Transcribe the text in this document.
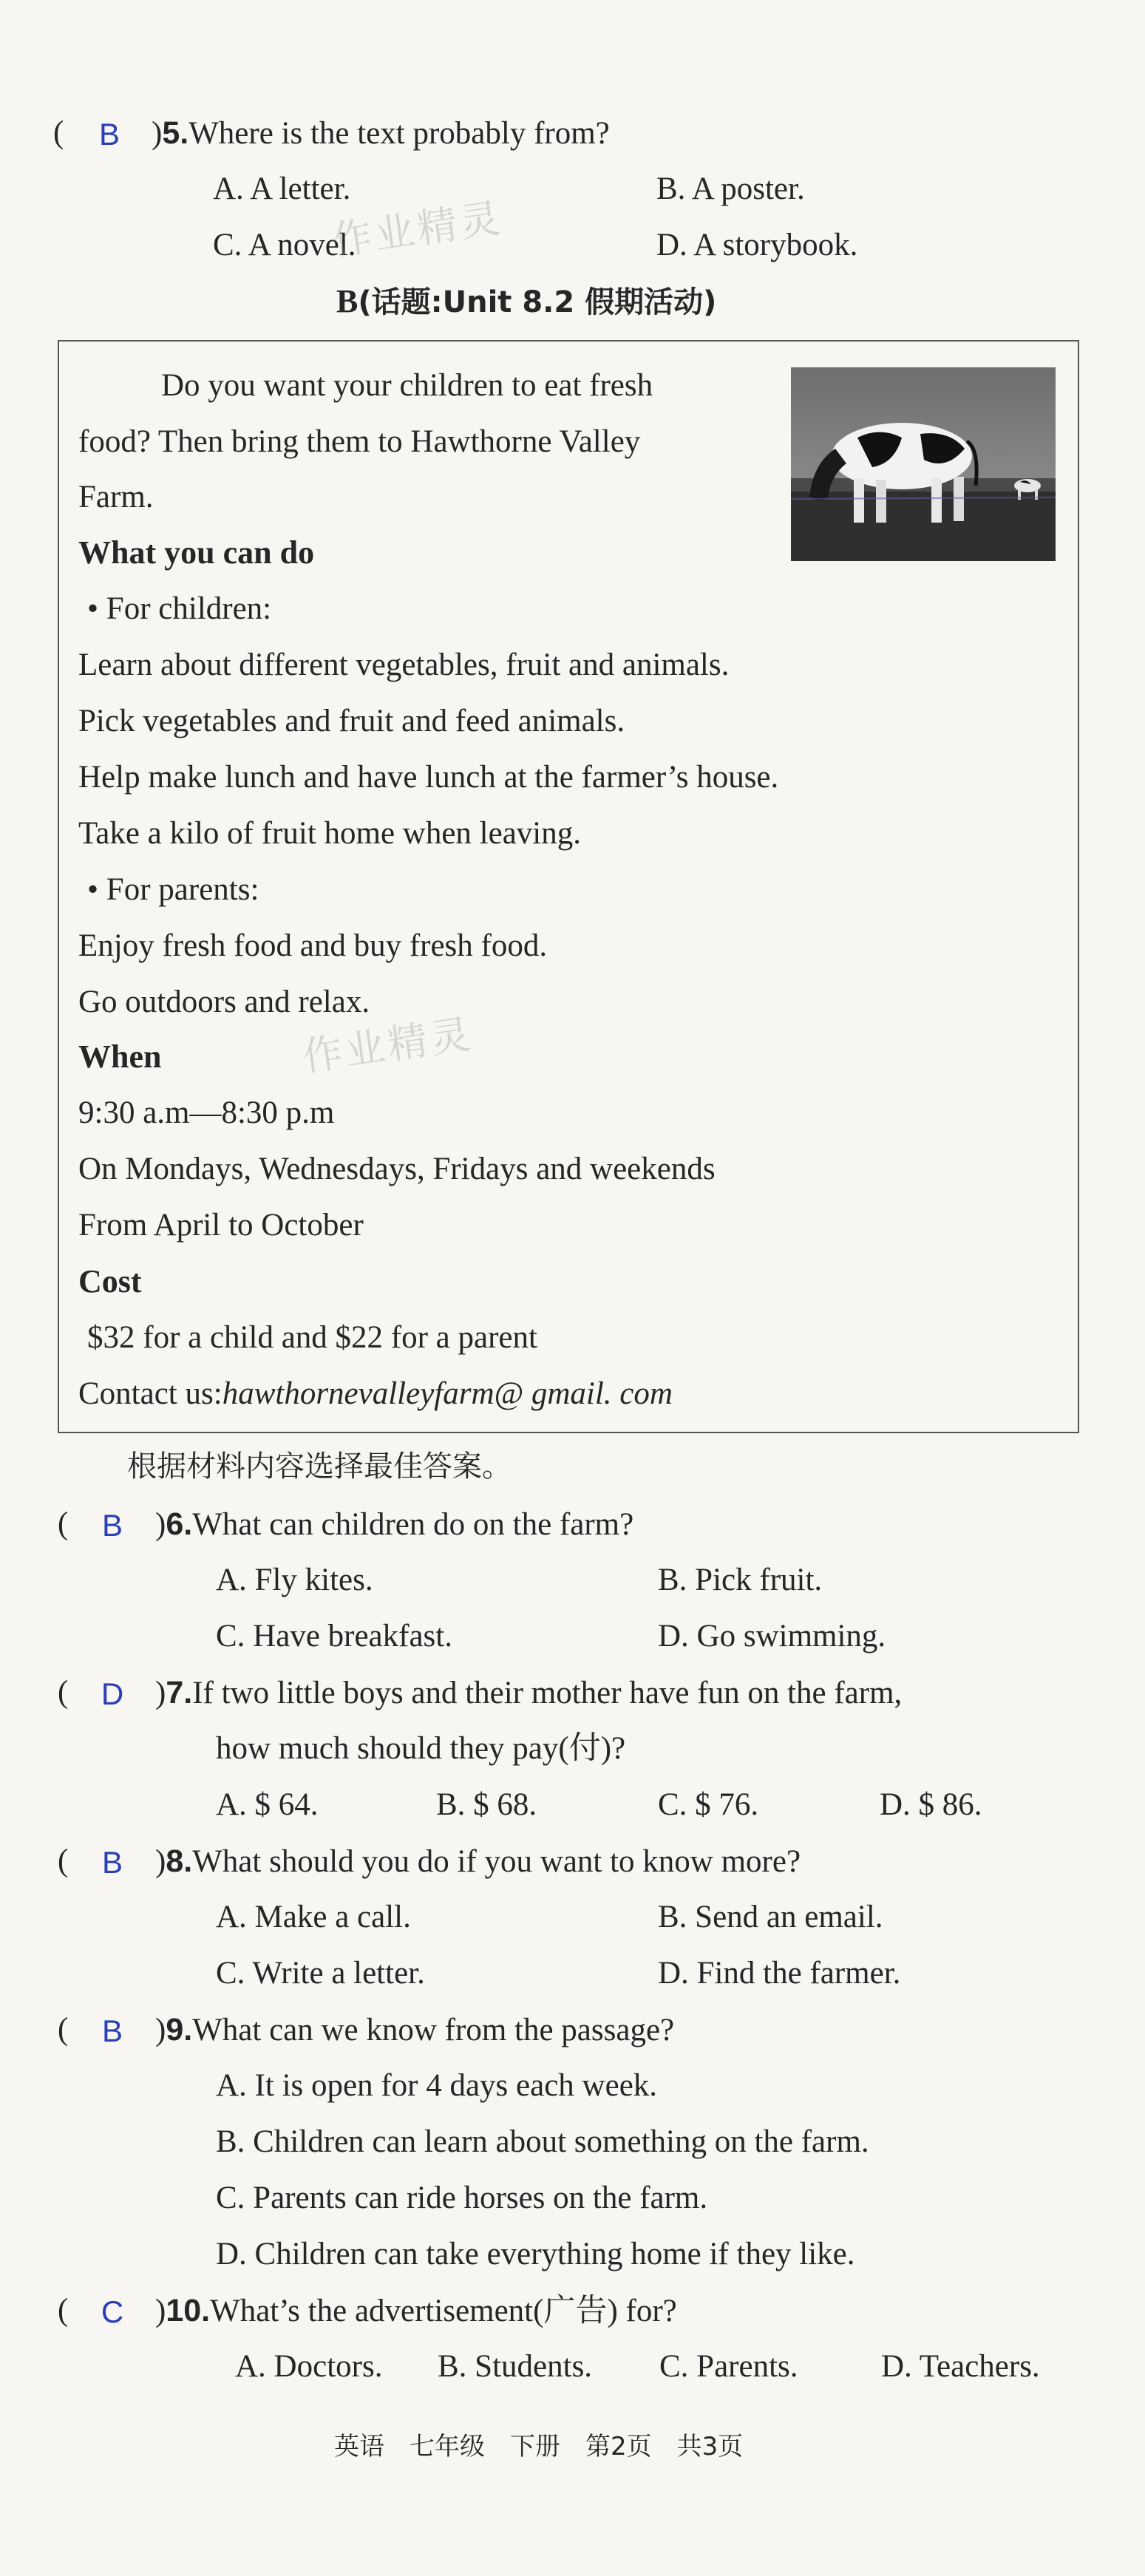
(	B	)5.Where is the text probably from?
A. A letter.	B. A poster.
C. A novel.	D. A storybook.
B(话题:Unit 8.2 假期活动)
Do you want your children to eat fresh
food? Then bring them to Hawthorne Valley
Farm.
What you can do
• For children:
Learn about different vegetables, fruit and animals.
Pick vegetables and fruit and feed animals.
Help make lunch and have lunch at the farmer’s house.
Take a kilo of fruit home when leaving.
• For parents:
Enjoy fresh food and buy fresh food.
Go outdoors and relax.
When
9:30 a.m—8:30 p.m
On Mondays, Wednesdays, Fridays and weekends
From April to October
Cost
$32 for a child and $22 for a parent
Contact us:hawthornevalleyfarm@ gmail. com
作业精灵
作业精灵
根据材料内容选择最佳答案。
(	B	)6.What can children do on the farm?
A. Fly kites.	B. Pick fruit.
C. Have breakfast.	D. Go swimming.
(	D )7.If two little boys and their mother have fun on the farm,
how much should they pay(付)?
A. $ 64.	B. $ 68.	C. $ 76.	D. $ 86.
(	B	)8.What should you do if you want to know more?
A. Make a call.	B. Send an email.
C. Write a letter.	D. Find the farmer.
(	B	)9.What can we know from the passage?
A. It is open for 4 days each week.
B. Children can learn about something on the farm.
C. Parents can ride horses on the farm.
D. Children can take everything home if they like.
(	C )10.What’s the advertisement(广告) for?
A. Doctors. B. Students. C. Parents.	D. Teachers.
英语　七年级　下册　第2页　共3页
